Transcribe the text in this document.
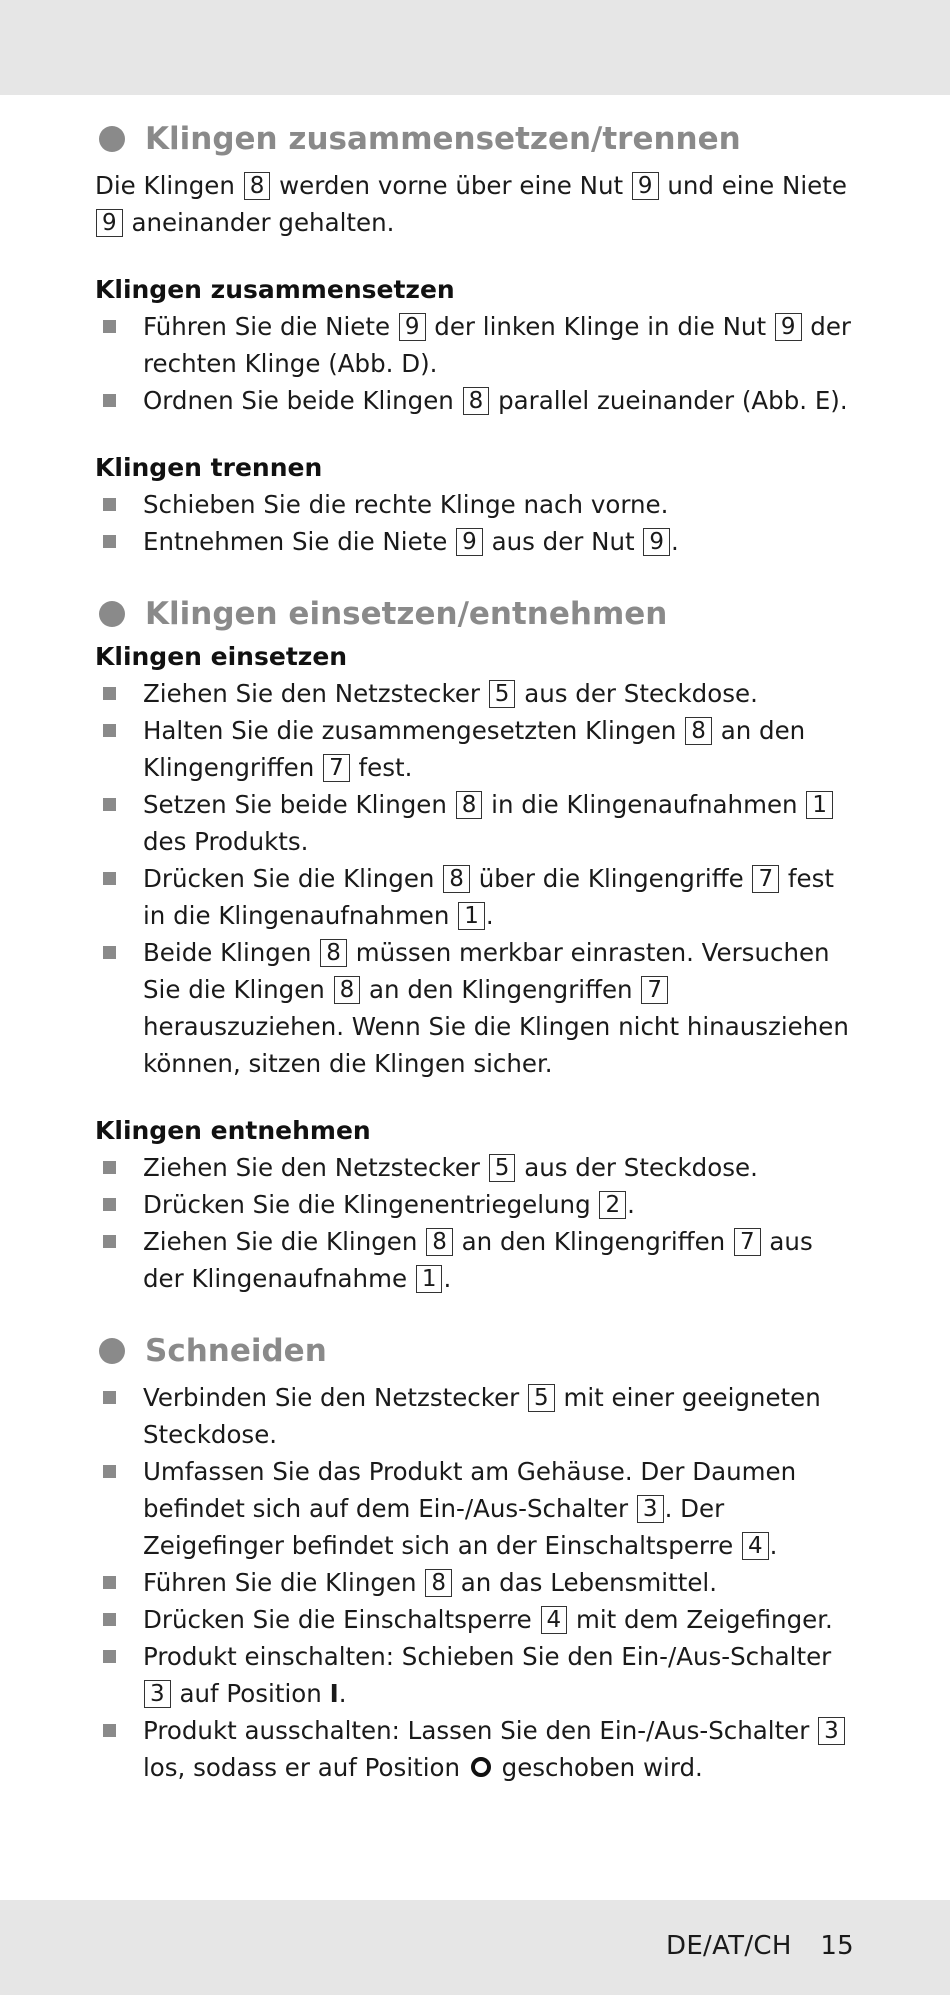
Klingen zusammensetzen/trennen

Die Klingen 8 werden vorne über eine Nut 9 und eine Niete 9 aneinander gehalten.

Klingen zusammensetzen
Führen Sie die Niete 9 der linken Klinge in die Nut 9 der rechten Klinge (Abb. D).
Ordnen Sie beide Klingen 8 parallel zueinander (Abb. E).
Klingen trennen
Schieben Sie die rechte Klinge nach vorne.
Entnehmen Sie die Niete 9 aus der Nut 9 .
Klingen einsetzen/entnehmen
Klingen einsetzen
Ziehen Sie den Netzstecker 5 aus der Steckdose.
Halten Sie die zusammengesetzten Klingen 8 an den Klingengriffen 7 fest.
Setzen Sie beide Klingen 8 in die Klingenaufnahmen 1 des Produkts.
Drücken Sie die Klingen 8 über die Klingengriffe 7 fest in die Klingenaufnahmen 1 .
Beide Klingen 8 müssen merkbar einrasten. Versuchen Sie die Klingen 8 an den Klingengriffen 7 herauszuziehen. Wenn Sie die Klingen nicht hinausziehen können, sitzen die Klingen sicher.
Klingen entnehmen
Ziehen Sie den Netzstecker 5 aus der Steckdose.
Drücken Sie die Klingenentriegelung 2 .
Ziehen Sie die Klingen 8 an den Klingengriffen 7 aus der Klingenaufnahme 1 .
Schneiden
Verbinden Sie den Netzstecker 5 mit einer geeigneten Steckdose.
Umfassen Sie das Produkt am Gehäuse. Der Daumen befindet sich auf dem Ein-/Aus-Schalter 3 . Der Zeigefinger befindet sich an der Einschaltsperre 4 .
Führen Sie die Klingen 8 an das Lebensmittel.
Drücken Sie die Einschaltsperre 4 mit dem Zeigefinger.
Produkt einschalten: Schieben Sie den Ein-/Aus-Schalter 3 auf Position I.
Produkt ausschalten: Lassen Sie den Ein-/Aus-Schalter 3 los, sodass er auf Position geschoben wird.
DE/AT/CH 15
